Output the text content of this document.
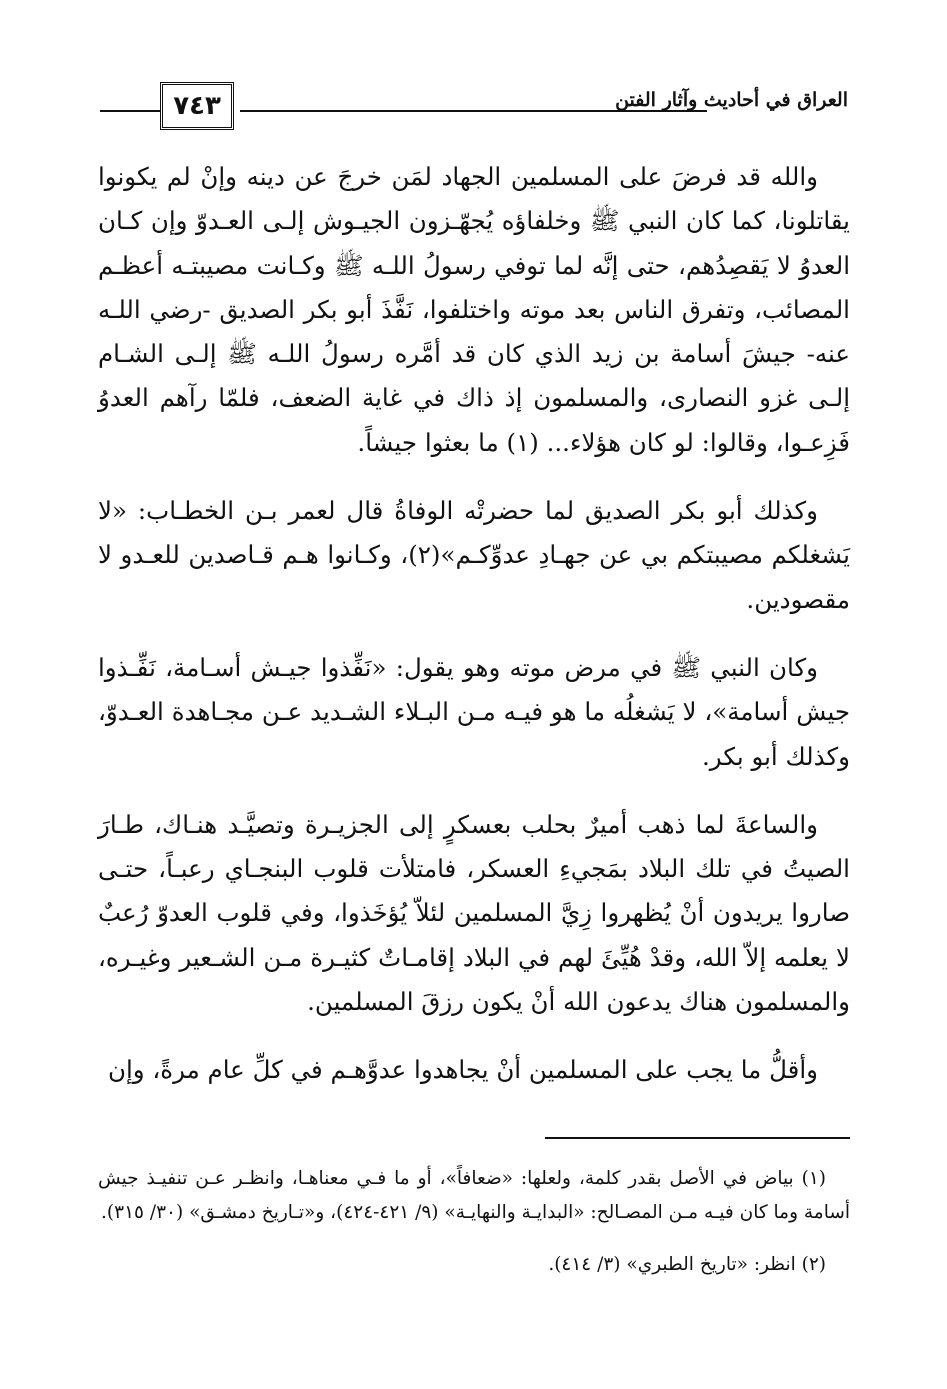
٧٤٣	العراق في أحاديث وآثار الفتن

والله قد فرضَ على المسلمين الجهاد لمَن خرجَ عن دينه وإنْ لم يكونوا يقاتلونا، كما كان النبي ﷺ وخلفاؤه يُجهّـزون الجيـوش إلـى العـدوّ وإن كـان العدوُ لا يَقصِدُهم، حتى إنَّه لما توفي رسولُ اللـه ﷺ وكـانت مصيبتـه أعظـم المصائب، وتفرق الناس بعد موته واختلفوا، نَفَّذَ أبو بكر الصديق -رضي اللـه عنه- جيشَ أسامة بن زيد الذي كان قد أمَّره رسولُ اللـه ﷺ إلـى الشـام إلـى غزو النصارى، والمسلمون إذ ذاك في غاية الضعف، فلمّا رآهم العدوُ فَزِعـوا، وقالوا: لو كان هؤلاء... (١) ما بعثوا جيشاً.

وكذلك أبو بكر الصديق لما حضرتْه الوفاةُ قال لعمر بـن الخطـاب: «لا يَشغلكم مصيبتكم بي عن جهـادِ عدوِّكـم»(٢)، وكـانوا هـم قـاصدين للعـدو لا مقصودين.

وكان النبي ﷺ في مرض موته وهو يقول: «نَفِّذوا جيـش أسـامة، نَفِّـذوا جيش أسامة»، لا يَشغلُه ما هو فيـه مـن البـلاء الشـديد عـن مجـاهدة العـدوّ، وكذلك أبو بكر.

والساعةَ لما ذهب أميرٌ بحلب بعسكرٍ إلى الجزيـرة وتصيَّـد هنـاك، طـارَ الصيتُ في تلك البلاد بمَجيءِ العسكر، فامتلأت قلوب البنجـاي رعبـاً، حتـى صاروا يريدون أنْ يُظهروا زِيَّ المسلمين لئلاّ يُؤخَذوا، وفي قلوب العدوّ رُعبٌ لا يعلمه إلاّ الله، وقدْ هُيِّئَ لهم في البلاد إقامـاتٌ كثيـرة مـن الشـعير وغيـره، والمسلمون هناك يدعون الله أنْ يكون رزقَ المسلمين.

وأقلُّ ما يجب على المسلمين أنْ يجاهدوا عدوَّهـم في كلِّ عام مرةً، وإن

(١) بياض في الأصل بقدر كلمة، ولعلها: «ضعافاً»، أو ما فـي معناهـا، وانظـر عـن تنفيـذ جيش أسامة وما كان فيـه مـن المصـالح: «البدايـة والنهايـة» (٩/ ٤٢١-٤٢٤)، و«تـاريخ دمشـق» (٣٠/ ٣١٥).

(٢) انظر: «تاريخ الطبري» (٣/ ٤١٤).
